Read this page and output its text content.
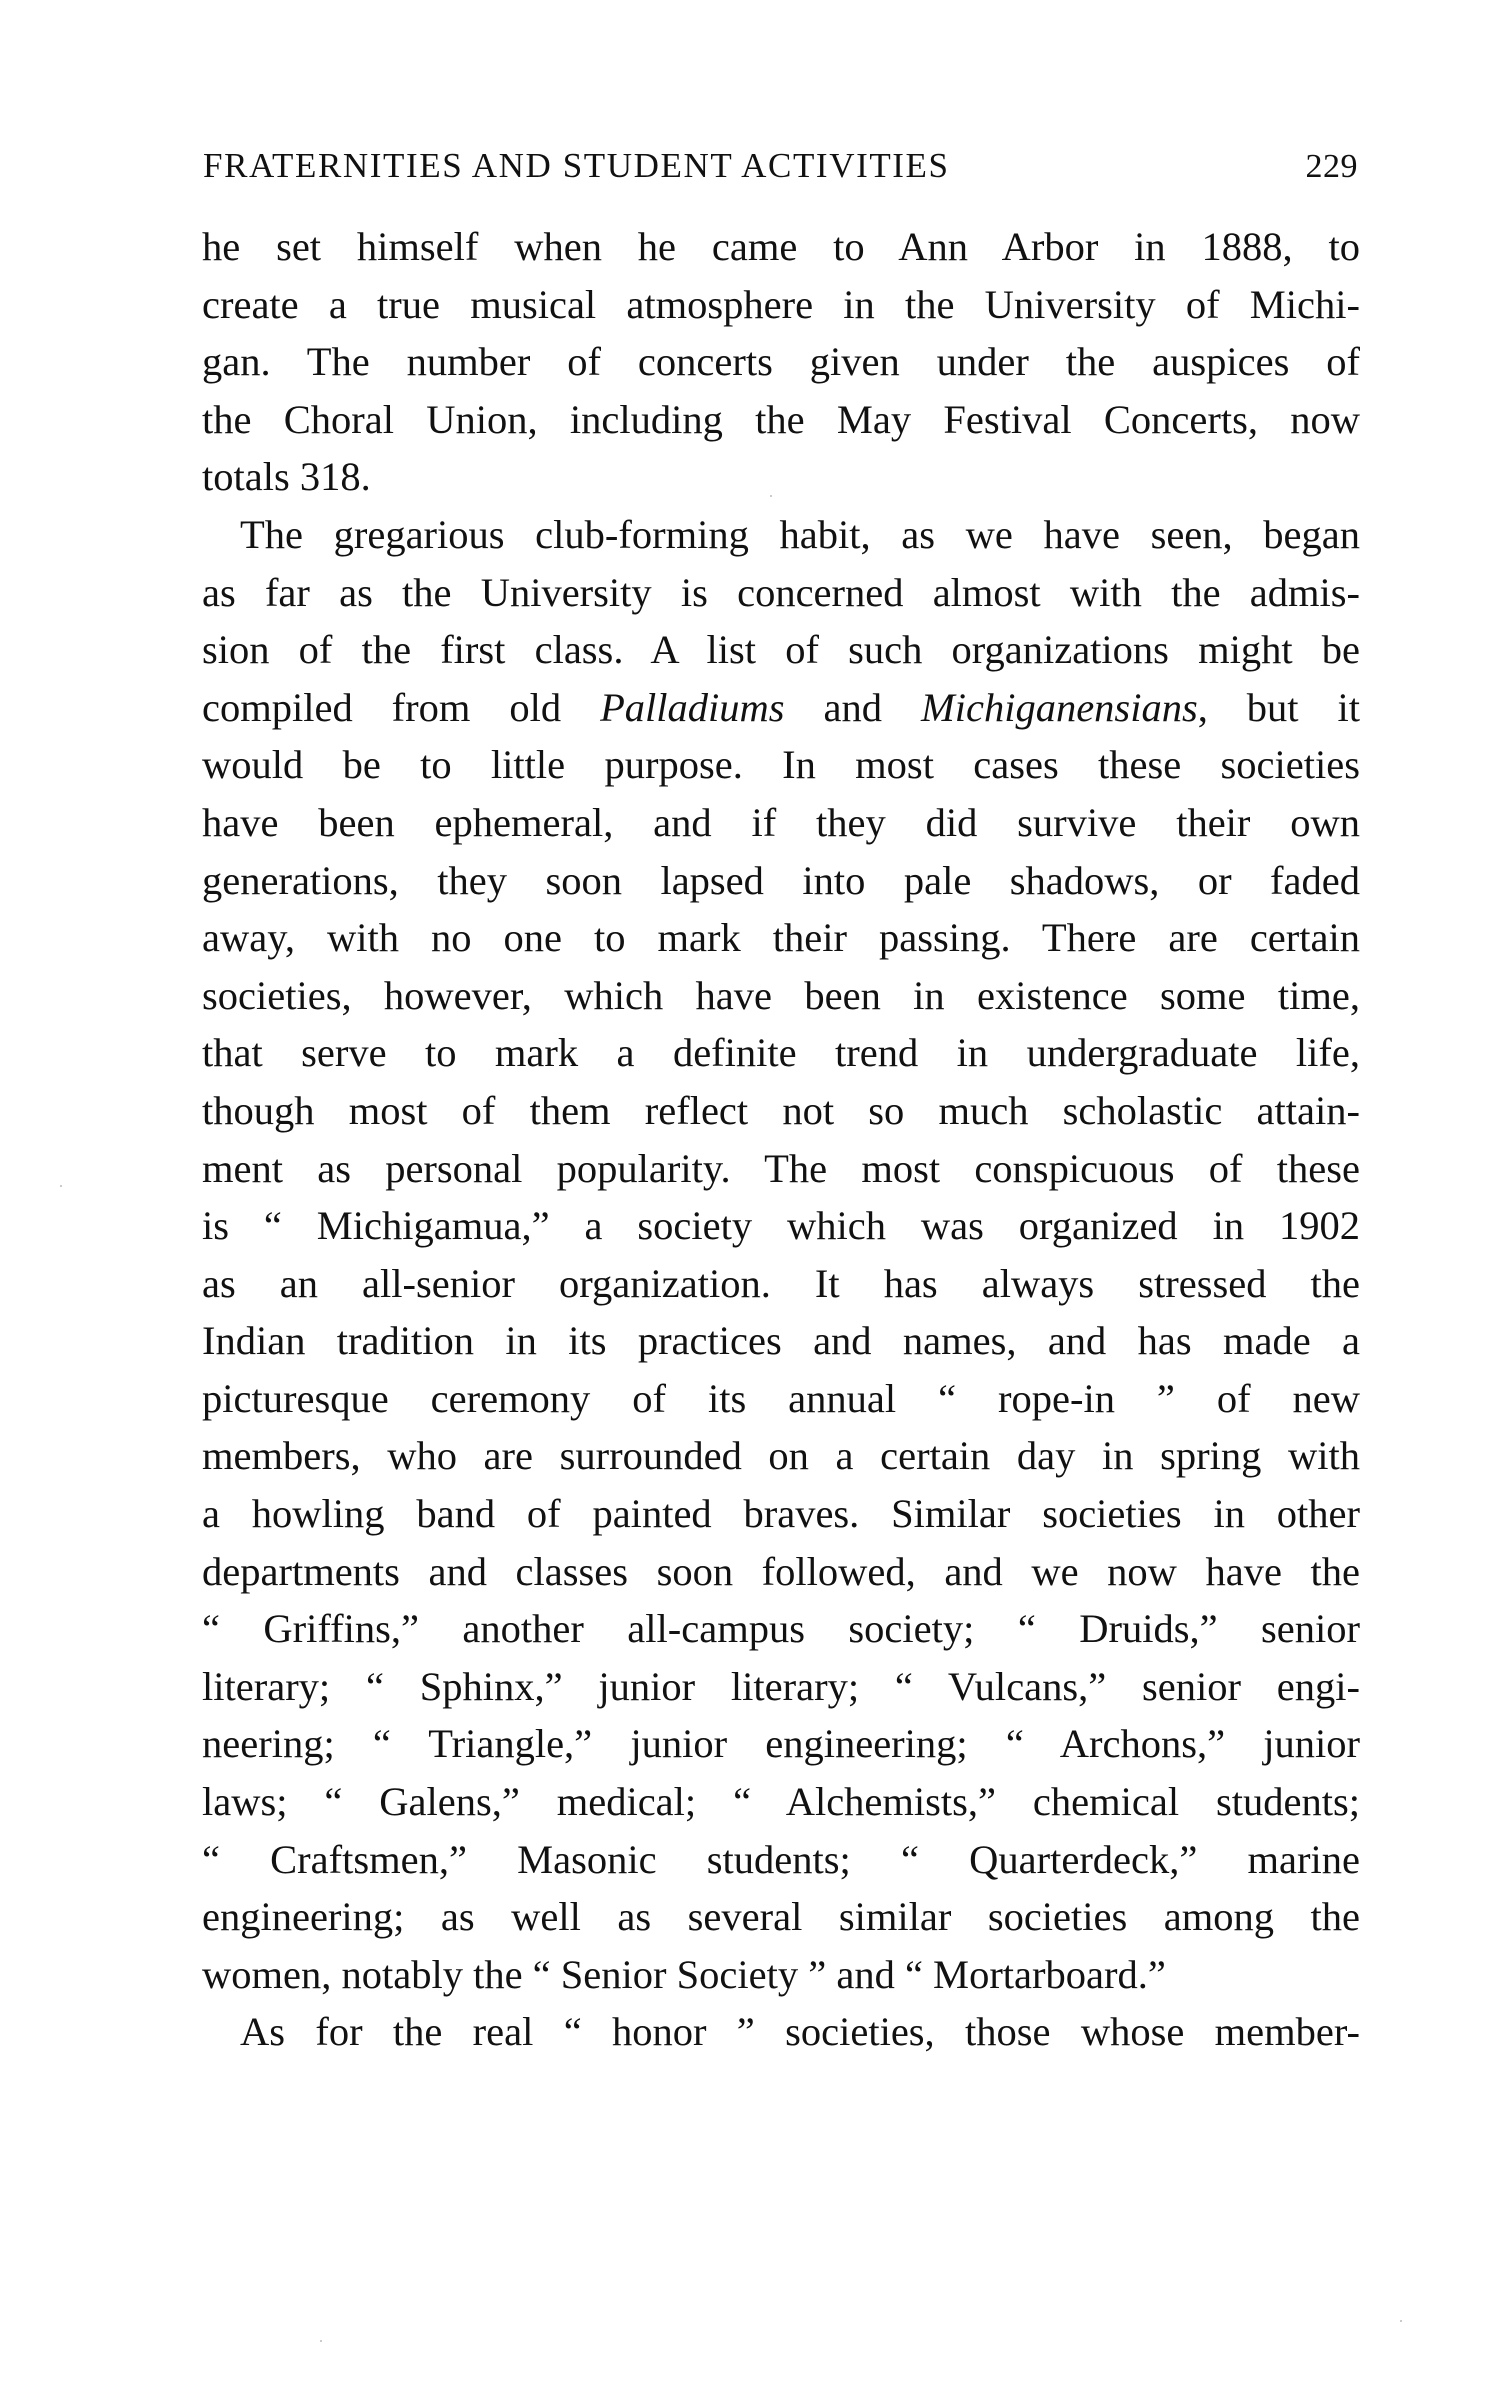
FRATERNITIES AND STUDENT ACTIVITIES	229
he set himself when he came to Ann Arbor in 1888, to
create a true musical atmosphere in the University of Michi-
gan. The number of concerts given under the auspices of
the Choral Union, including the May Festival Concerts, now
totals 318.
The gregarious club-forming habit, as we have seen, began
as far as the University is concerned almost with the admis-
sion of the first class. A list of such organizations might be
compiled from old Palladiums and Michiganensians, but it
would be to little purpose. In most cases these societies
have been ephemeral, and if they did survive their own
generations, they soon lapsed into pale shadows, or faded
away, with no one to mark their passing. There are certain
societies, however, which have been in existence some time,
that serve to mark a definite trend in undergraduate life,
though most of them reflect not so much scholastic attain-
ment as personal popularity. The most conspicuous of these
is “ Michigamua,” a society which was organized in 1902
as an all-senior organization. It has always stressed the
Indian tradition in its practices and names, and has made a
picturesque ceremony of its annual “ rope-in ” of new
members, who are surrounded on a certain day in spring with
a howling band of painted braves. Similar societies in other
departments and classes soon followed, and we now have the
“ Griffins,” another all-campus society; “ Druids,” senior
literary; “ Sphinx,” junior literary; “ Vulcans,” senior engi-
neering; “ Triangle,” junior engineering; “ Archons,” junior
laws; “ Galens,” medical; “ Alchemists,” chemical students;
“ Craftsmen,” Masonic students; “ Quarterdeck,” marine
engineering; as well as several similar societies among the
women, notably the “ Senior Society ” and “ Mortarboard.”
As for the real “ honor ” societies, those whose member-
